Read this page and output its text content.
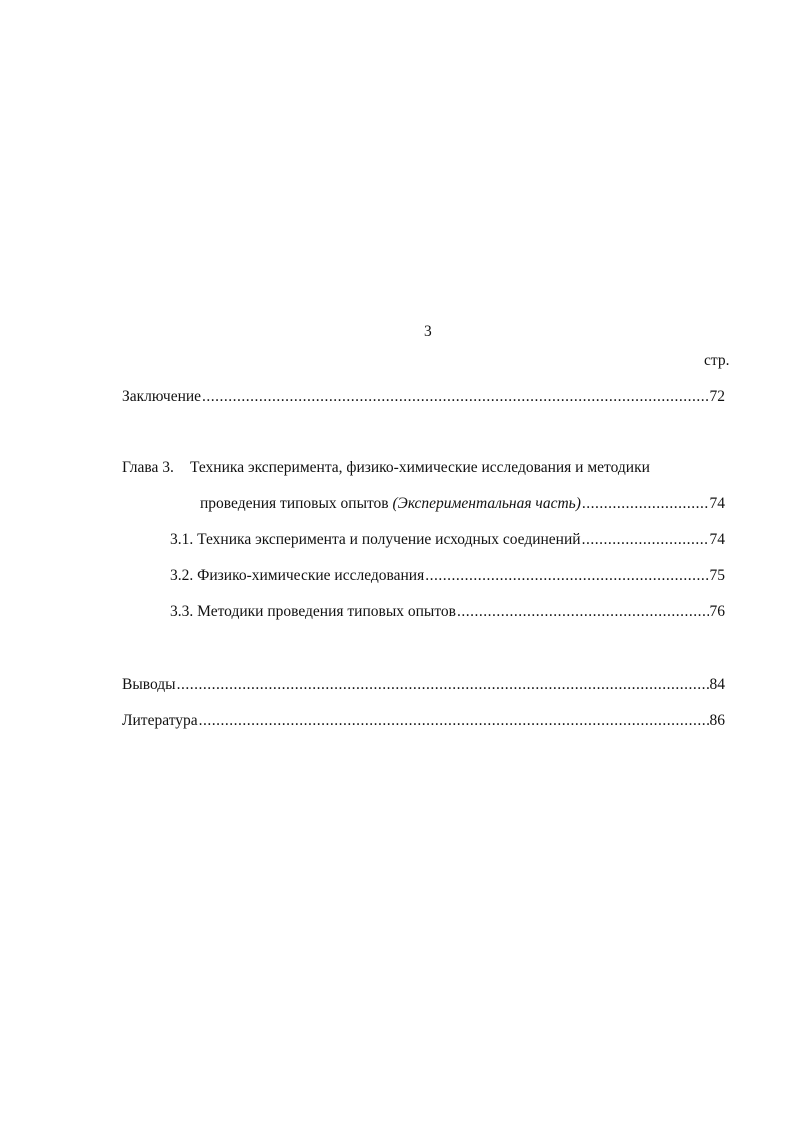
3
стр.
Заключение .....	72
Глава 3. Техника эксперимента, физико-химические исследования и методики
проведения типовых опытов (Экспериментальная часть) .....	74
3.1. Техника эксперимента и получение исходных соединений .....	74
3.2. Физико-химические исследования .....	75
3.3. Методики проведения типовых опытов .....	76
Выводы .....	84
Литература .....	86
